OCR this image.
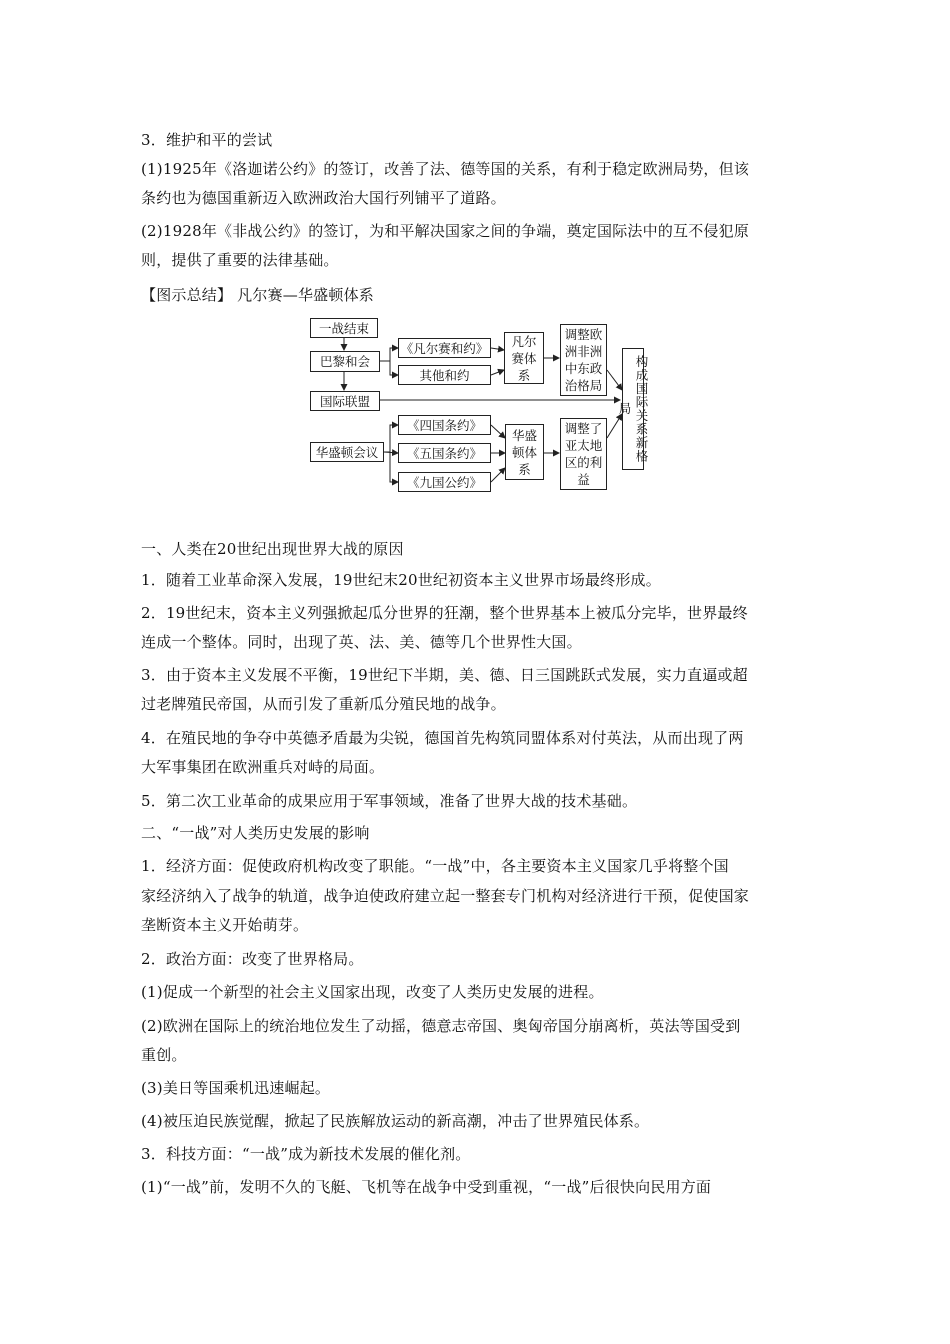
3．维护和平的尝试
(1)1925年《洛迦诺公约》的签订，改善了法、德等国的关系，有利于稳定欧洲局势，但该
条约也为德国重新迈入欧洲政治大国行列铺平了道路。
(2)1928年《非战公约》的签订，为和平解决国家之间的争端，奠定国际法中的互不侵犯原
则，提供了重要的法律基础。
【图示总结】 凡尔赛—华盛顿体系
一战结束
巴黎和会
国际联盟
《凡尔赛和约》
其他和约
凡尔赛体系
调整欧洲非洲中东政治格局
华盛顿会议
《四国条约》
《五国条约》
《九国公约》
华盛顿体系
调整了亚太地区的利益
构成国际关系新格局
一、人类在20世纪出现世界大战的原因
1．随着工业革命深入发展，19世纪末20世纪初资本主义世界市场最终形成。
2．19世纪末，资本主义列强掀起瓜分世界的狂潮，整个世界基本上被瓜分完毕，世界最终
连成一个整体。同时，出现了英、法、美、德等几个世界性大国。
3．由于资本主义发展不平衡，19世纪下半期，美、德、日三国跳跃式发展，实力直逼或超
过老牌殖民帝国，从而引发了重新瓜分殖民地的战争。
4．在殖民地的争夺中英德矛盾最为尖锐，德国首先构筑同盟体系对付英法，从而出现了两
大军事集团在欧洲重兵对峙的局面。
5．第二次工业革命的成果应用于军事领域，准备了世界大战的技术基础。
二、“一战”对人类历史发展的影响
1．经济方面：促使政府机构改变了职能。“一战”中，各主要资本主义国家几乎将整个国
家经济纳入了战争的轨道，战争迫使政府建立起一整套专门机构对经济进行干预，促使国家
垄断资本主义开始萌芽。
2．政治方面：改变了世界格局。
(1)促成一个新型的社会主义国家出现，改变了人类历史发展的进程。
(2)欧洲在国际上的统治地位发生了动摇，德意志帝国、奥匈帝国分崩离析，英法等国受到
重创。
(3)美日等国乘机迅速崛起。
(4)被压迫民族觉醒，掀起了民族解放运动的新高潮，冲击了世界殖民体系。
3．科技方面：“一战”成为新技术发展的催化剂。
(1)“一战”前，发明不久的飞艇、飞机等在战争中受到重视，“一战”后很快向民用方面
